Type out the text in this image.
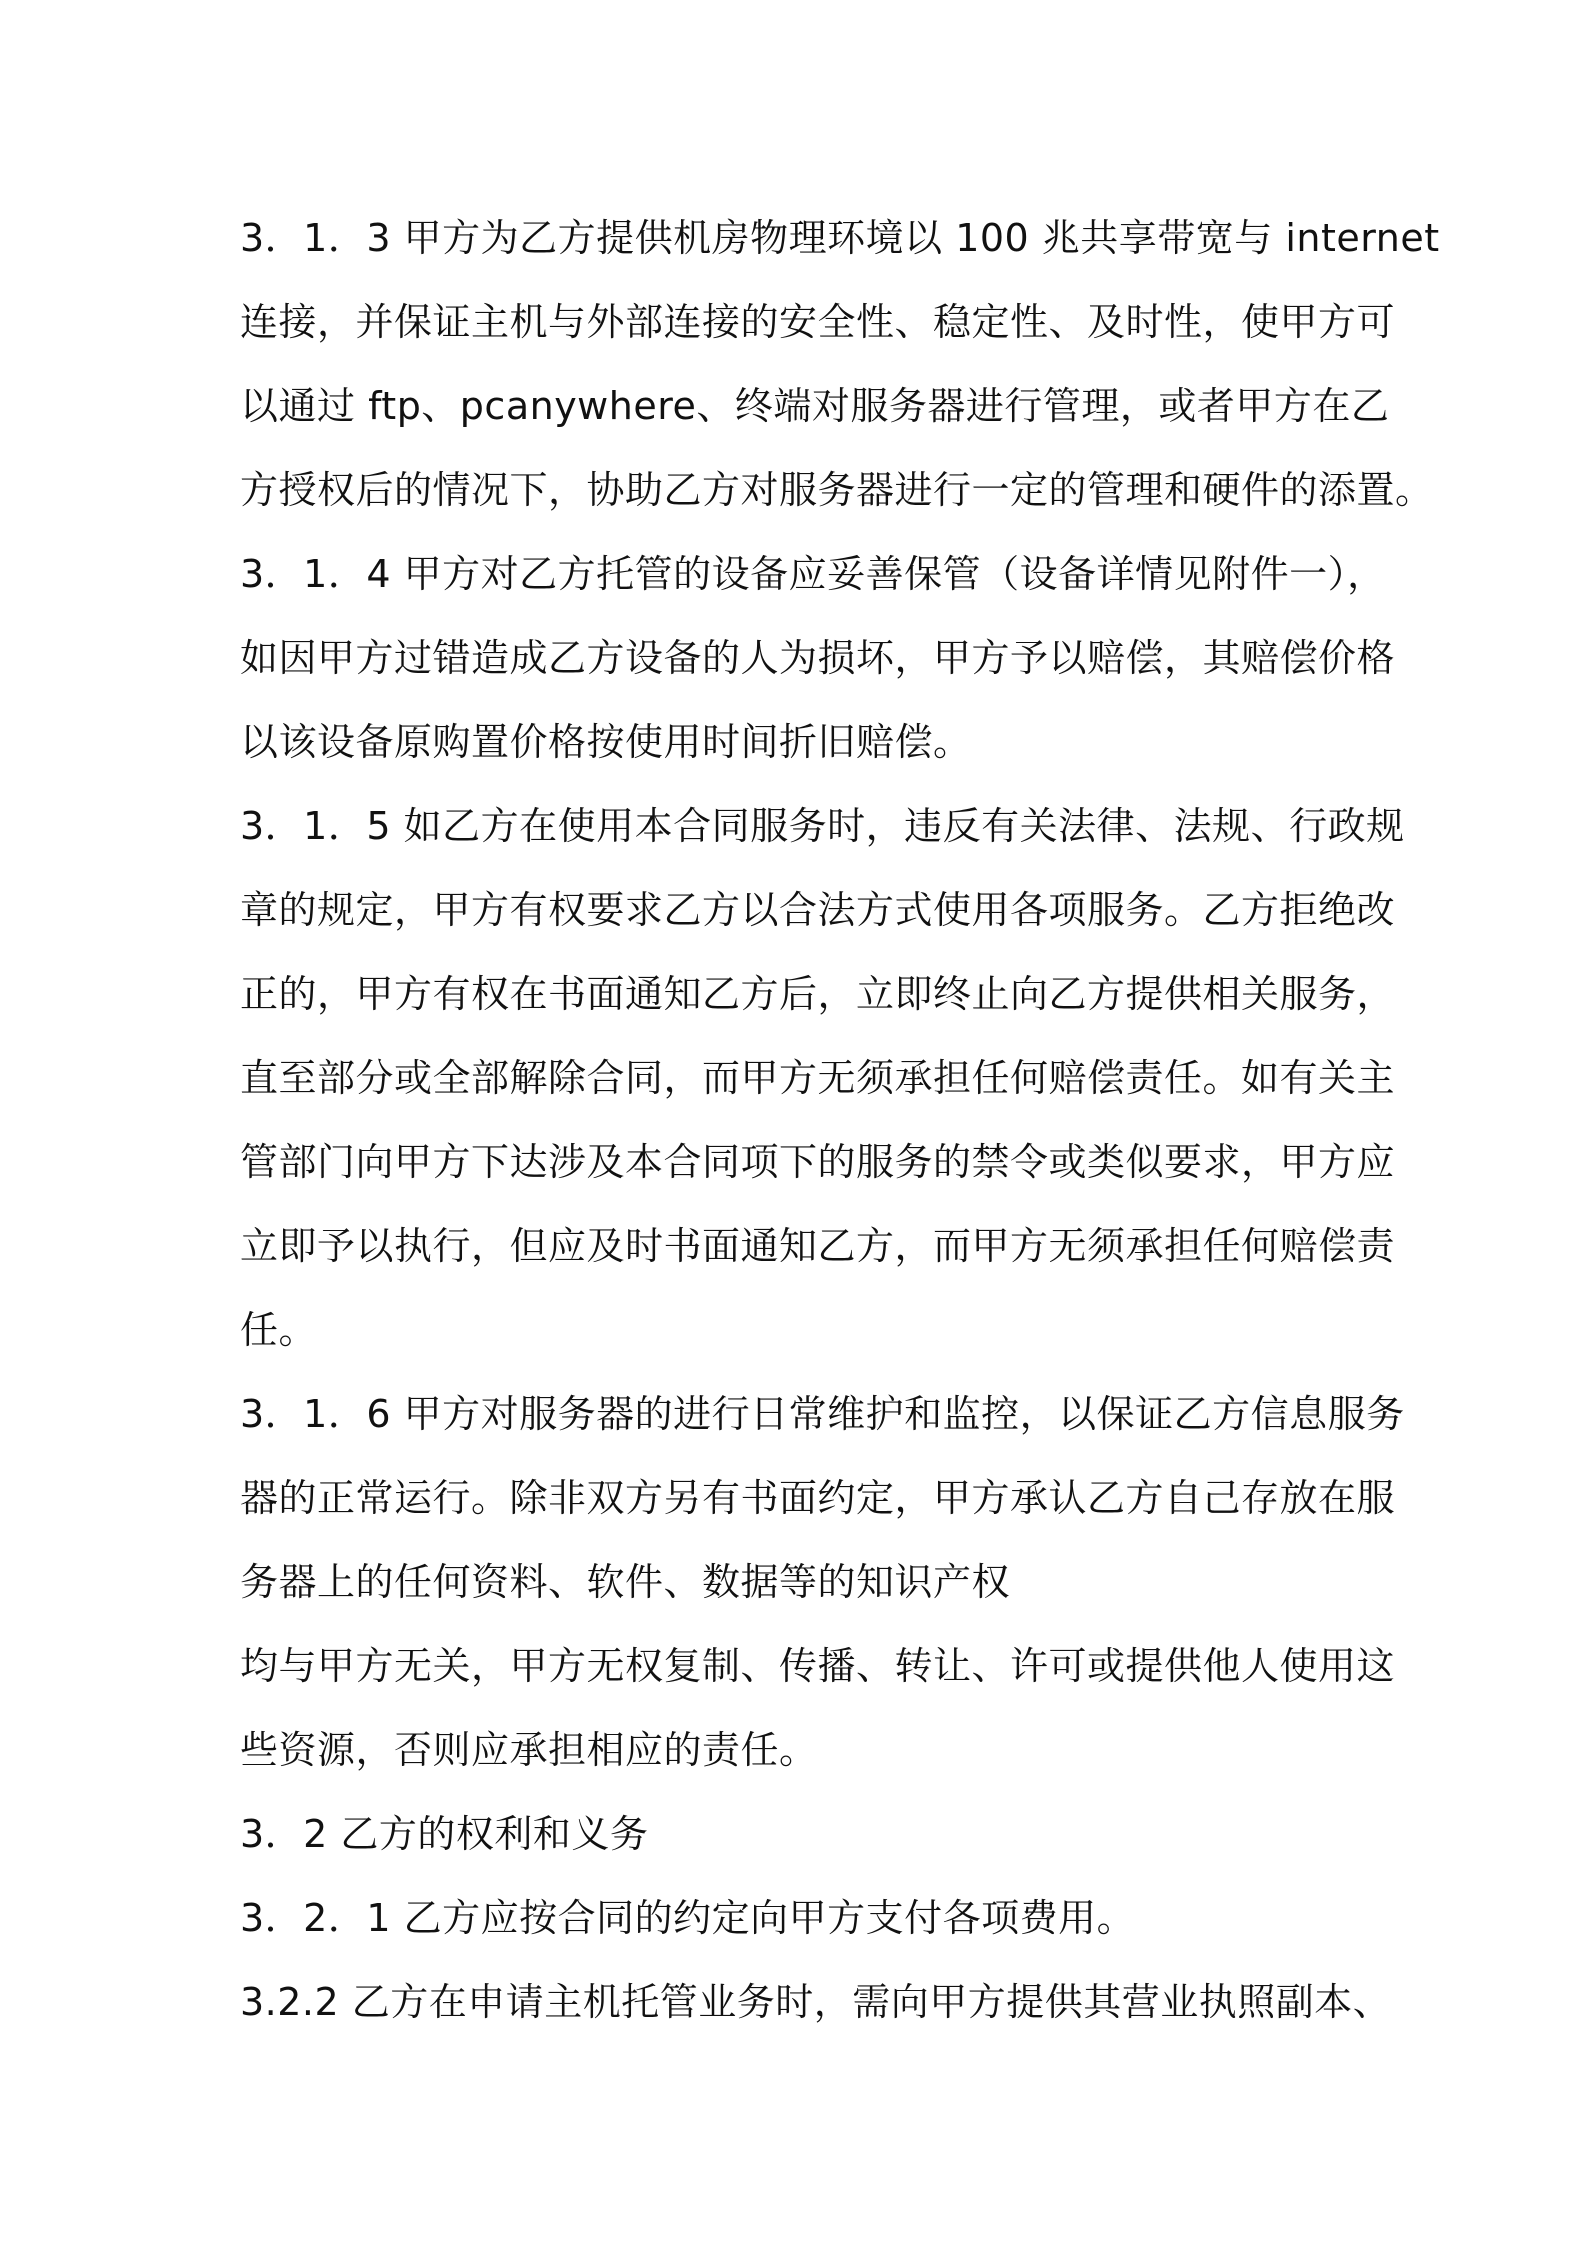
3．1．3 甲方为乙方提供机房物理环境以 100 兆共享带宽与 internet
连接，并保证主机与外部连接的安全性、稳定性、及时性，使甲方可
以通过 ftp、pcanywhere、终端对服务器进行管理，或者甲方在乙
方授权后的情况下，协助乙方对服务器进行一定的管理和硬件的添置。
3．1．4 甲方对乙方托管的设备应妥善保管（设备详情见附件一），
如因甲方过错造成乙方设备的人为损坏，甲方予以赔偿，其赔偿价格
以该设备原购置价格按使用时间折旧赔偿。
3．1．5 如乙方在使用本合同服务时，违反有关法律、法规、行政规
章的规定，甲方有权要求乙方以合法方式使用各项服务。乙方拒绝改
正的，甲方有权在书面通知乙方后，立即终止向乙方提供相关服务，
直至部分或全部解除合同，而甲方无须承担任何赔偿责任。如有关主
管部门向甲方下达涉及本合同项下的服务的禁令或类似要求，甲方应
立即予以执行，但应及时书面通知乙方，而甲方无须承担任何赔偿责
任。
3．1．6 甲方对服务器的进行日常维护和监控，以保证乙方信息服务
器的正常运行。除非双方另有书面约定，甲方承认乙方自己存放在服
务器上的任何资料、软件、数据等的知识产权
均与甲方无关，甲方无权复制、传播、转让、许可或提供他人使用这
些资源，否则应承担相应的责任。
3．2 乙方的权利和义务
3．2．1 乙方应按合同的约定向甲方支付各项费用。
3.2.2 乙方在申请主机托管业务时，需向甲方提供其营业执照副本、
